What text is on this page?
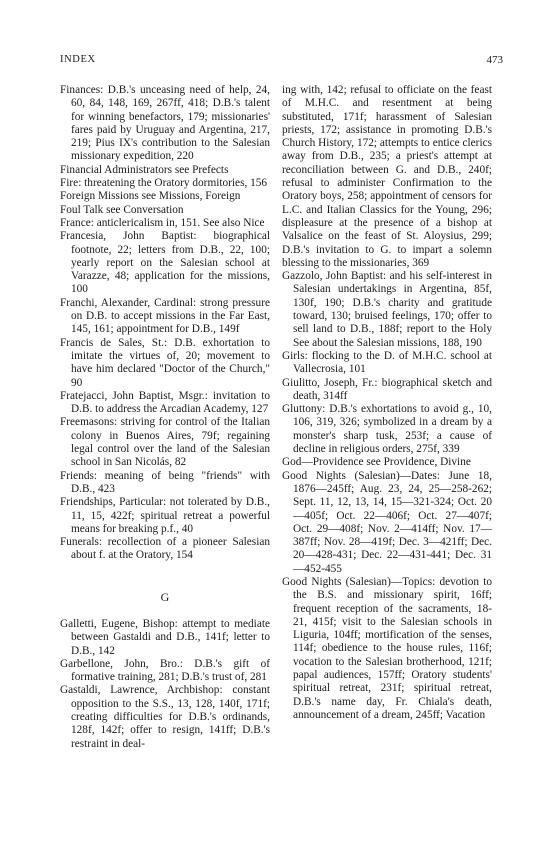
INDEX	473

Finances: D.B.'s unceasing need of help, 24, 60, 84, 148, 169, 267ff, 418; D.B.'s talent for winning benefactors, 179; missionaries' fares paid by Uruguay and Argentina, 217, 219; Pius IX's contribution to the Salesian missionary expedition, 220

Financial Administrators see Prefects

Fire: threatening the Oratory dormitories, 156

Foreign Missions see Missions, Foreign

Foul Talk see Conversation

France: anticlericalism in, 151. See also Nice

Francesia, John Baptist: biographical footnote, 22; letters from D.B., 22, 100; yearly report on the Salesian school at Varazze, 48; application for the missions, 100

Franchi, Alexander, Cardinal: strong pressure on D.B. to accept missions in the Far East, 145, 161; appointment for D.B., 149f

Francis de Sales, St.: D.B. exhortation to imitate the virtues of, 20; movement to have him declared "Doctor of the Church," 90

Fratejacci, John Baptist, Msgr.: invitation to D.B. to address the Arcadian Academy, 127

Freemasons: striving for control of the Italian colony in Buenos Aires, 79f; regaining legal control over the land of the Salesian school in San Nicolás, 82

Friends: meaning of being "friends" with D.B., 423

Friendships, Particular: not tolerated by D.B., 11, 15, 422f; spiritual retreat a powerful means for breaking p.f., 40

Funerals: recollection of a pioneer Salesian about f. at the Oratory, 154

G

Galletti, Eugene, Bishop: attempt to mediate between Gastaldi and D.B., 141f; letter to D.B., 142

Garbellone, John, Bro.: D.B.'s gift of formative training, 281; D.B.'s trust of, 281

Gastaldi, Lawrence, Archbishop: constant opposition to the S.S., 13, 128, 140f, 171f; creating difficulties for D.B.'s ordinands, 128f, 142f; offer to resign, 141ff; D.B.'s restraint in deal-

ing with, 142; refusal to officiate on the feast of M.H.C. and resentment at being substituted, 171f; harassment of Salesian priests, 172; assistance in promoting D.B.'s Church History, 172; attempts to entice clerics away from D.B., 235; a priest's attempt at reconciliation between G. and D.B., 240f; refusal to administer Confirmation to the Oratory boys, 258; appointment of censors for L.C. and Italian Classics for the Young, 296; displeasure at the presence of a bishop at Valsalice on the feast of St. Aloysius, 299; D.B.'s invitation to G. to impart a solemn blessing to the missionaries, 369

Gazzolo, John Baptist: and his self-interest in Salesian undertakings in Argentina, 85f, 130f, 190; D.B.'s charity and gratitude toward, 130; bruised feelings, 170; offer to sell land to D.B., 188f; report to the Holy See about the Salesian missions, 188, 190

Girls: flocking to the D. of M.H.C. school at Vallecrosia, 101

Giulitto, Joseph, Fr.: biographical sketch and death, 314ff

Gluttony: D.B.'s exhortations to avoid g., 10, 106, 319, 326; symbolized in a dream by a monster's sharp tusk, 253f; a cause of decline in religious orders, 275f, 339

God—Providence see Providence, Divine

Good Nights (Salesian)—Dates: June 18, 1876—245ff; Aug. 23, 24, 25—258-262; Sept. 11, 12, 13, 14, 15—321-324; Oct. 20—405f; Oct. 22—406f; Oct. 27—407f; Oct. 29—408f; Nov. 2—414ff; Nov. 17—387ff; Nov. 28—419f; Dec. 3—421ff; Dec. 20—428-431; Dec. 22—431-441; Dec. 31—452-455

Good Nights (Salesian)—Topics: devotion to the B.S. and missionary spirit, 16ff; frequent reception of the sacraments, 18-21, 415f; visit to the Salesian schools in Liguria, 104ff; mortification of the senses, 114f; obedience to the house rules, 116f; vocation to the Salesian brotherhood, 121f; papal audiences, 157ff; Oratory students' spiritual retreat, 231f; spiritual retreat, D.B.'s name day, Fr. Chiala's death, announcement of a dream, 245ff; Vacation
